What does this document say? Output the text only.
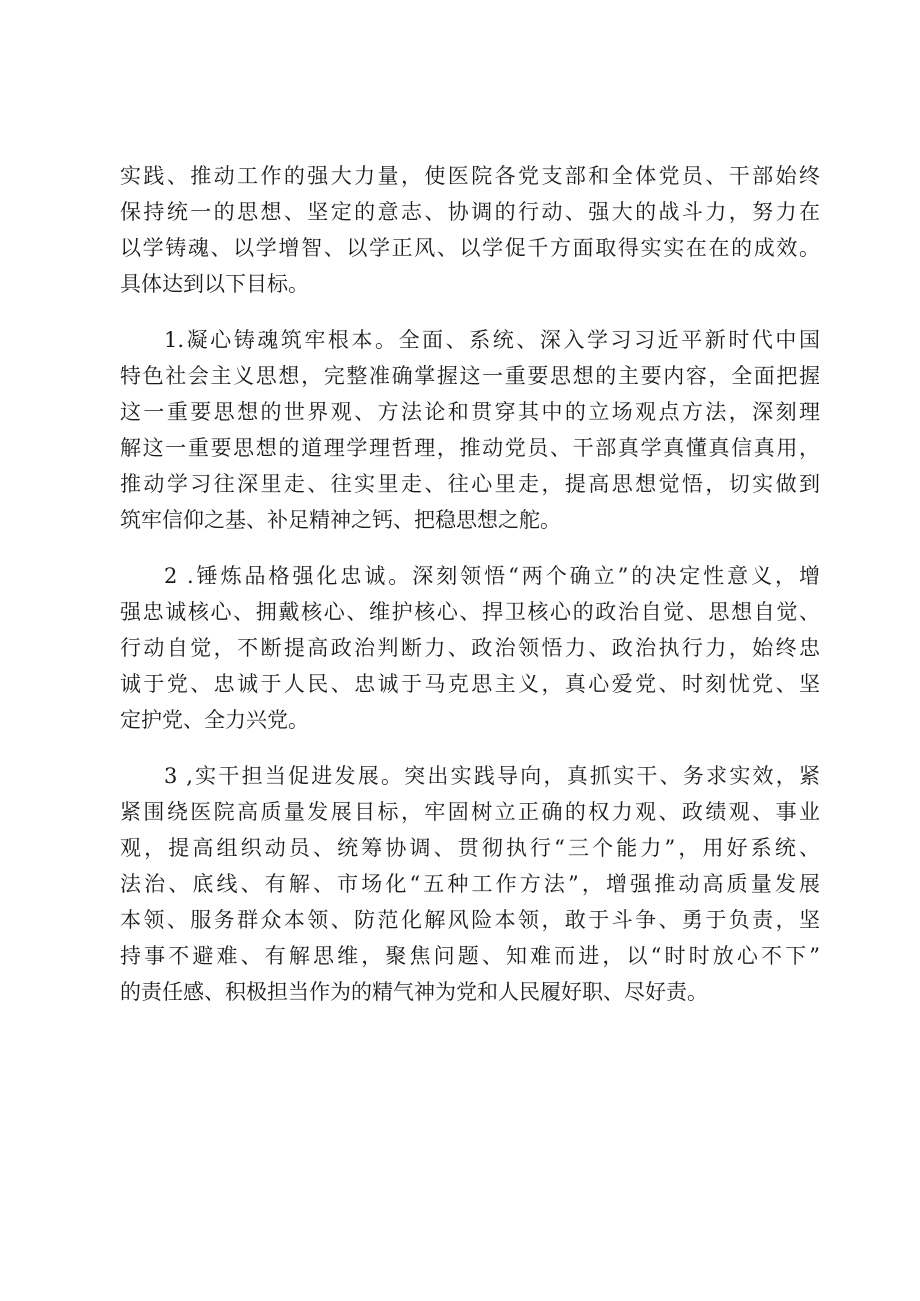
实践、推动工作的强大力量，使医院各党支部和全体党员、干部始终
保持统一的思想、坚定的意志、协调的行动、强大的战斗力，努力在
以学铸魂、以学增智、以学正风、以学促千方面取得实实在在的成效。
具体达到以下目标。
1.凝心铸魂筑牢根本。全面、系统、深入学习习近平新时代中国
特色社会主义思想，完整准确掌握这一重要思想的主要内容，全面把握
这一重要思想的世界观、方法论和贯穿其中的立场观点方法，深刻理
解这一重要思想的道理学理哲理，推动党员、干部真学真懂真信真用，
推动学习往深里走、往实里走、往心里走，提高思想觉悟，切实做到
筑牢信仰之基、补足精神之钙、把稳思想之舵。
2 .锤炼品格强化忠诚。深刻领悟“两个确立”的决定性意义，增
强忠诚核心、拥戴核心、维护核心、捍卫核心的政治自觉、思想自觉、
行动自觉，不断提高政治判断力、政治领悟力、政治执行力，始终忠
诚于党、忠诚于人民、忠诚于马克思主义，真心爱党、时刻忧党、坚
定护党、全力兴党。
3 ,实干担当促进发展。突出实践导向，真抓实干、务求实效，紧
紧围绕医院高质量发展目标，牢固树立正确的权力观、政绩观、事业
观，提高组织动员、统筹协调、贯彻执行“三个能力”，用好系统、
法治、底线、有解、市场化“五种工作方法”，增强推动高质量发展
本领、服务群众本领、防范化解风险本领，敢于斗争、勇于负责，坚
持事不避难、有解思维，聚焦问题、知难而进，以“时时放心不下”
的责任感、积极担当作为的精气神为党和人民履好职、尽好责。
